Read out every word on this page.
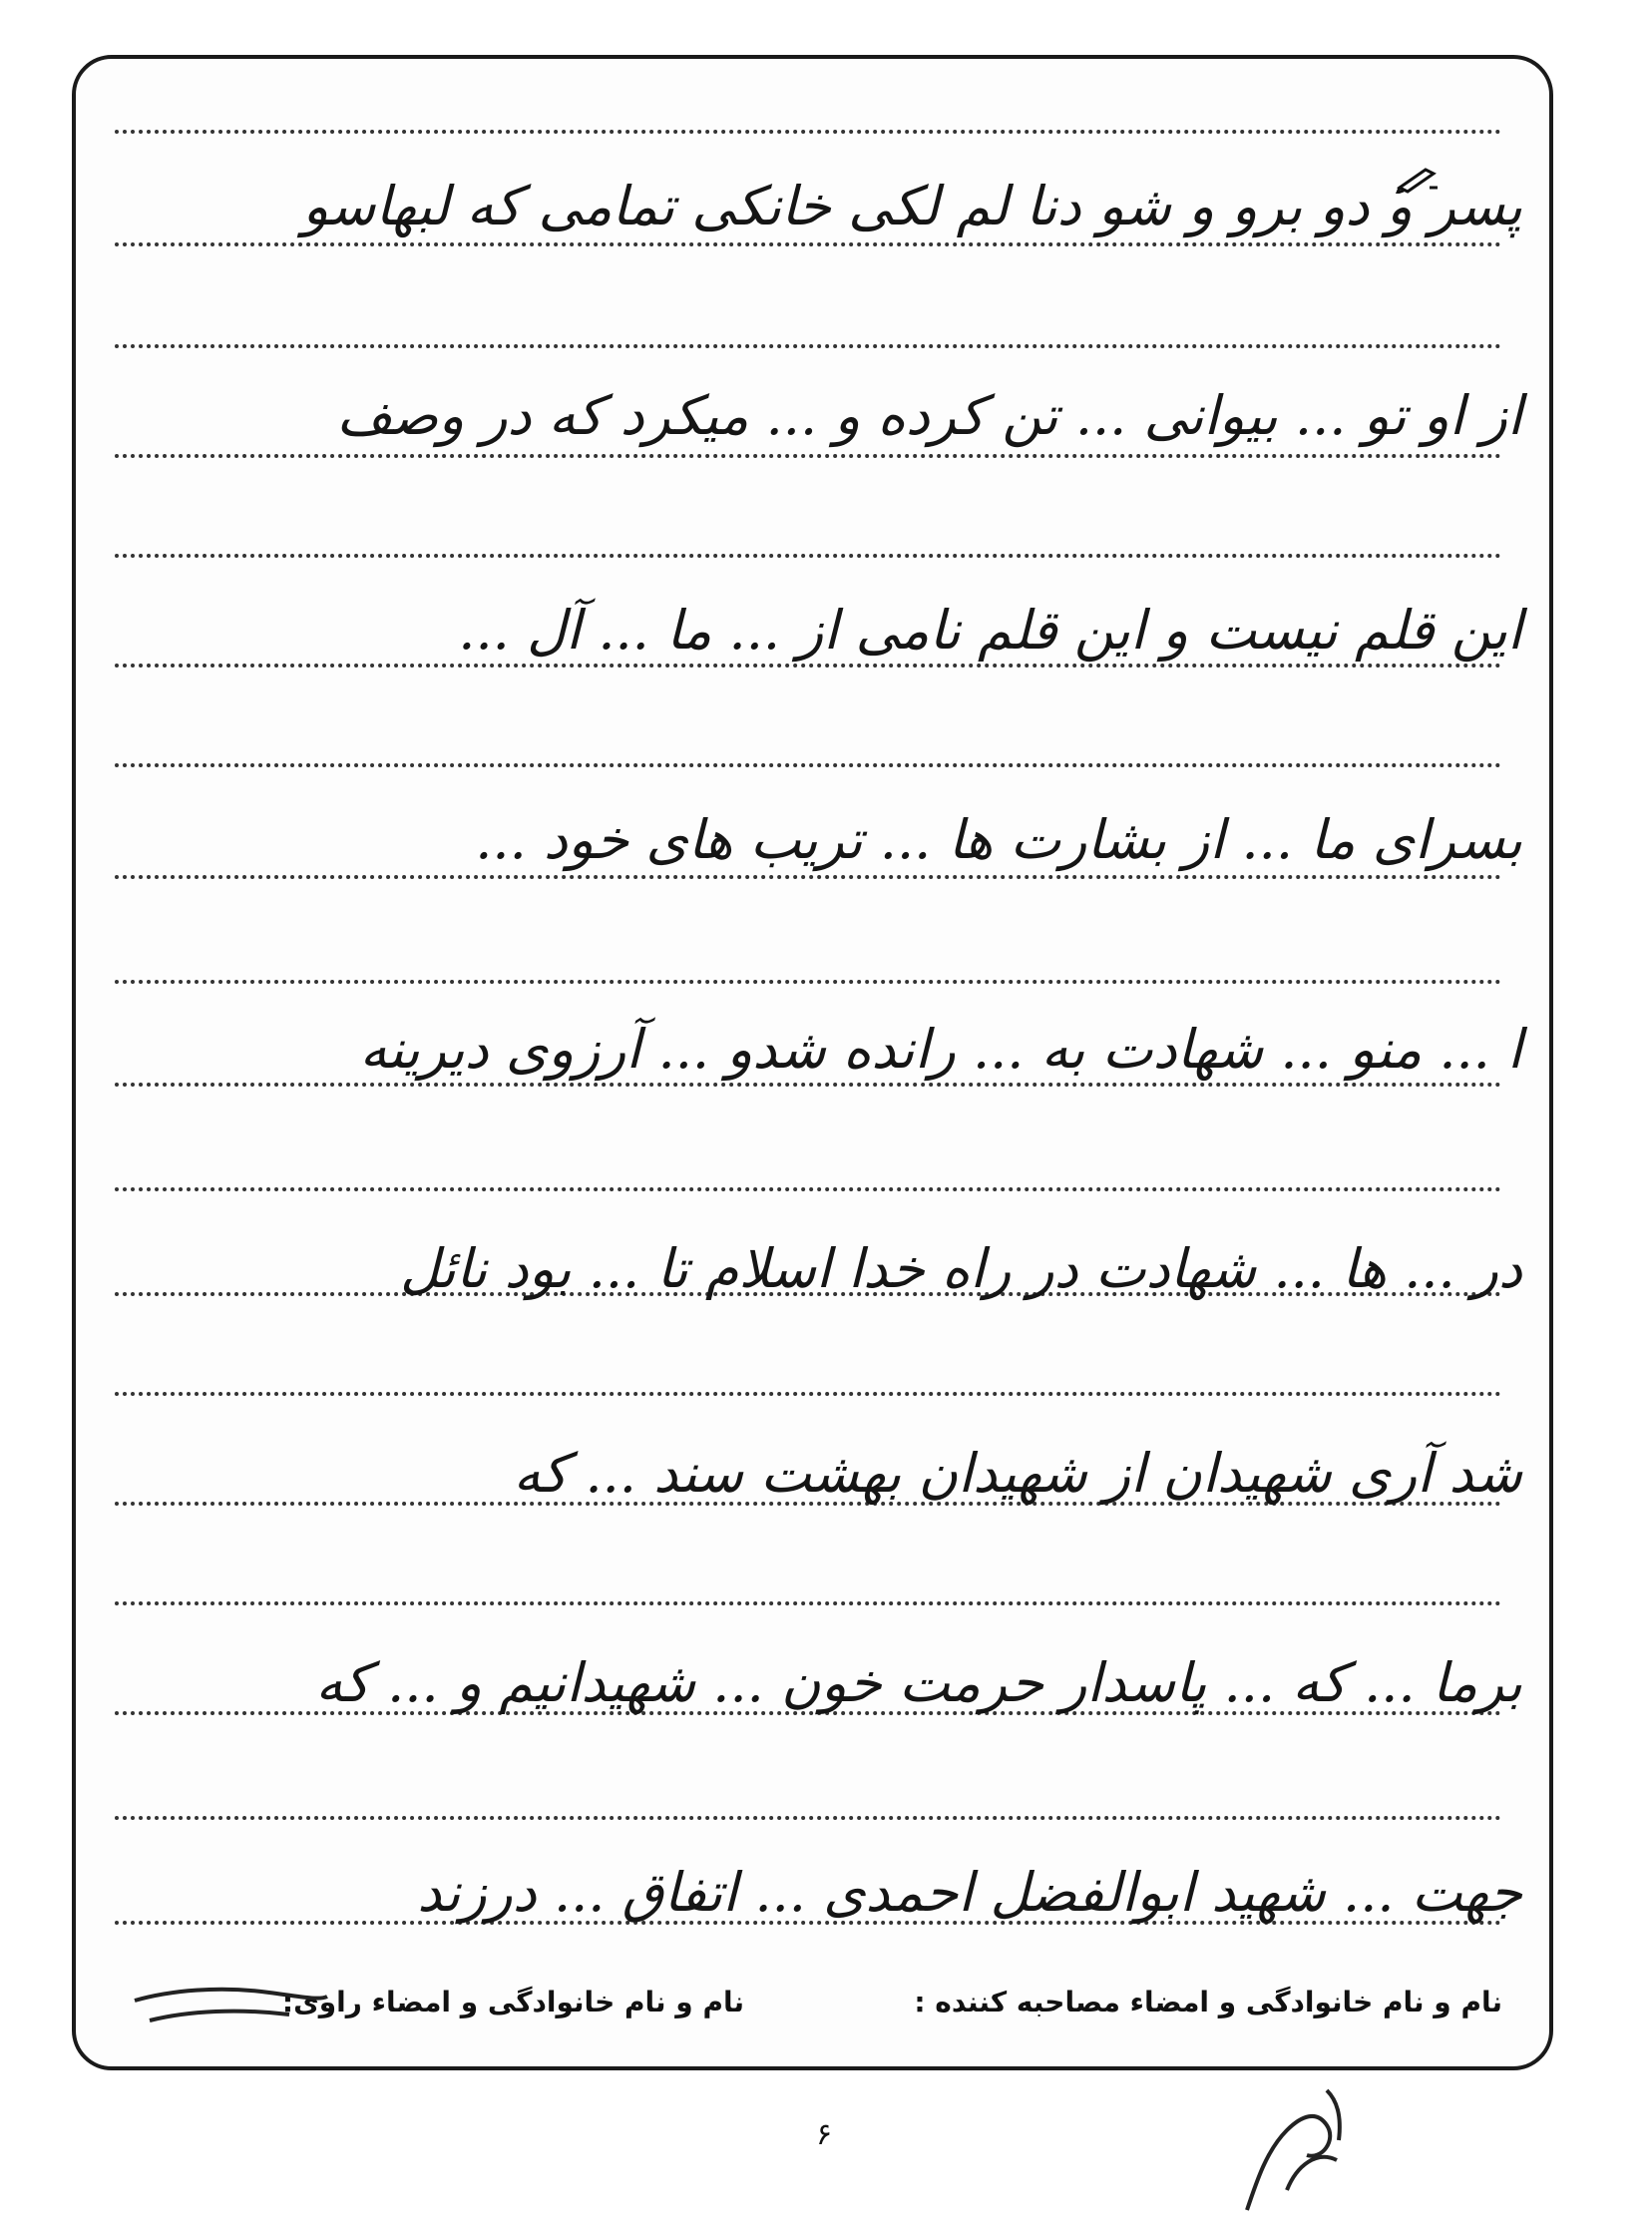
پسر و دو برو و شو دنا لم لکی خانکی تمامی که لبهاسو
از او تو ... بیوانی ... تن کرده و ... میکرد که در وصف
این قلم نیست و این قلم نامی از ... ما ... آل ...
بسرای ما ... از بشارت ها ... تریب های خود ...
ا ... منو ... شهادت به ... رانده شدو ... آرزوی دیرینه
در ... ها ... شهادت در راه خدا اسلام تا ... بود نائل
شد آری شهیدان از شهیدان بهشت سند ... که
برما ... که ... پاسدار حرمت خون ... شهیدانیم و ... که
جهت ... شهید ابوالفضل احمدی ... اتفاق ... درزند
نام و نام خانوادگی و امضاء مصاحبه کننده :
نام و نام خانوادگی و امضاء راوی:
۶
